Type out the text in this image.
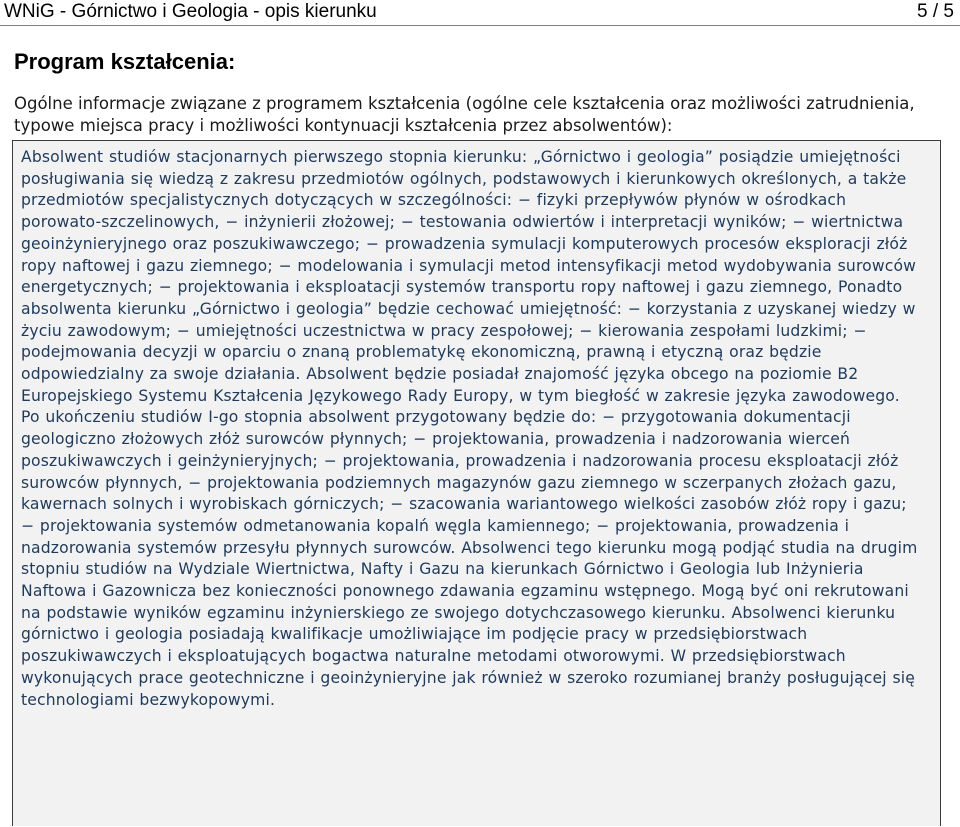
WNiG - Górnictwo i Geologia - opis kierunku	5 / 5
Program kształcenia:
Ogólne informacje związane z programem kształcenia (ogólne cele kształcenia oraz możliwości zatrudnienia, typowe miejsca pracy i możliwości kontynuacji kształcenia przez absolwentów):
Absolwent studiów stacjonarnych pierwszego stopnia kierunku: „Górnictwo i geologia” posiądzie umiejętności posługiwania się wiedzą z zakresu przedmiotów ogólnych, podstawowych i kierunkowych określonych, a także przedmiotów specjalistycznych dotyczących w szczególności: − fizyki przepływów płynów w ośrodkach porowato-szczelinowych, − inżynierii złożowej; − testowania odwiertów i interpretacji wyników; − wiertnictwa geoinżynieryjnego oraz poszukiwawczego; − prowadzenia symulacji komputerowych procesów eksploracji złóż ropy naftowej i gazu ziemnego; − modelowania i symulacji metod intensyfikacji metod wydobywania surowców energetycznych; − projektowania i eksploatacji systemów transportu ropy naftowej i gazu ziemnego, Ponadto absolwenta kierunku „Górnictwo i geologia” będzie cechować umiejętność: − korzystania z uzyskanej wiedzy w życiu zawodowym; − umiejętności uczestnictwa w pracy zespołowej; − kierowania zespołami ludzkimi; − podejmowania decyzji w oparciu o znaną problematykę ekonomiczną, prawną i etyczną oraz będzie odpowiedzialny za swoje działania. Absolwent będzie posiadał znajomość języka obcego na poziomie B2 Europejskiego Systemu Kształcenia Językowego Rady Europy, w tym biegłość w zakresie języka zawodowego. Po ukończeniu studiów I-go stopnia absolwent przygotowany będzie do: − przygotowania dokumentacji geologiczno złożowych złóż surowców płynnych; − projektowania, prowadzenia i nadzorowania wierceń poszukiwawczych i geinżynieryjnych; − projektowania, prowadzenia i nadzorowania procesu eksploatacji złóż surowców płynnych, − projektowania podziemnych magazynów gazu ziemnego w sczerpanych złożach gazu, kawernach solnych i wyrobiskach górniczych; − szacowania wariantowego wielkości zasobów złóż ropy i gazu; − projektowania systemów odmetanowania kopalń węgla kamiennego; − projektowania, prowadzenia i nadzorowania systemów przesyłu płynnych surowców. Absolwenci tego kierunku mogą podjąć studia na drugim stopniu studiów na Wydziale Wiertnictwa, Nafty i Gazu na kierunkach Górnictwo i Geologia lub Inżynieria Naftowa i Gazownicza bez konieczności ponownego zdawania egzaminu wstępnego. Mogą być oni rekrutowani na podstawie wyników egzaminu inżynierskiego ze swojego dotychczasowego kierunku. Absolwenci kierunku górnictwo i geologia posiadają kwalifikacje umożliwiające im podjęcie pracy w przedsiębiorstwach poszukiwawczych i eksploatujących bogactwa naturalne metodami otworowymi. W przedsiębiorstwach wykonujących prace geotechniczne i geoinżynieryjne jak również w szeroko rozumianej branży posługującej się technologiami bezwykopowymi.
